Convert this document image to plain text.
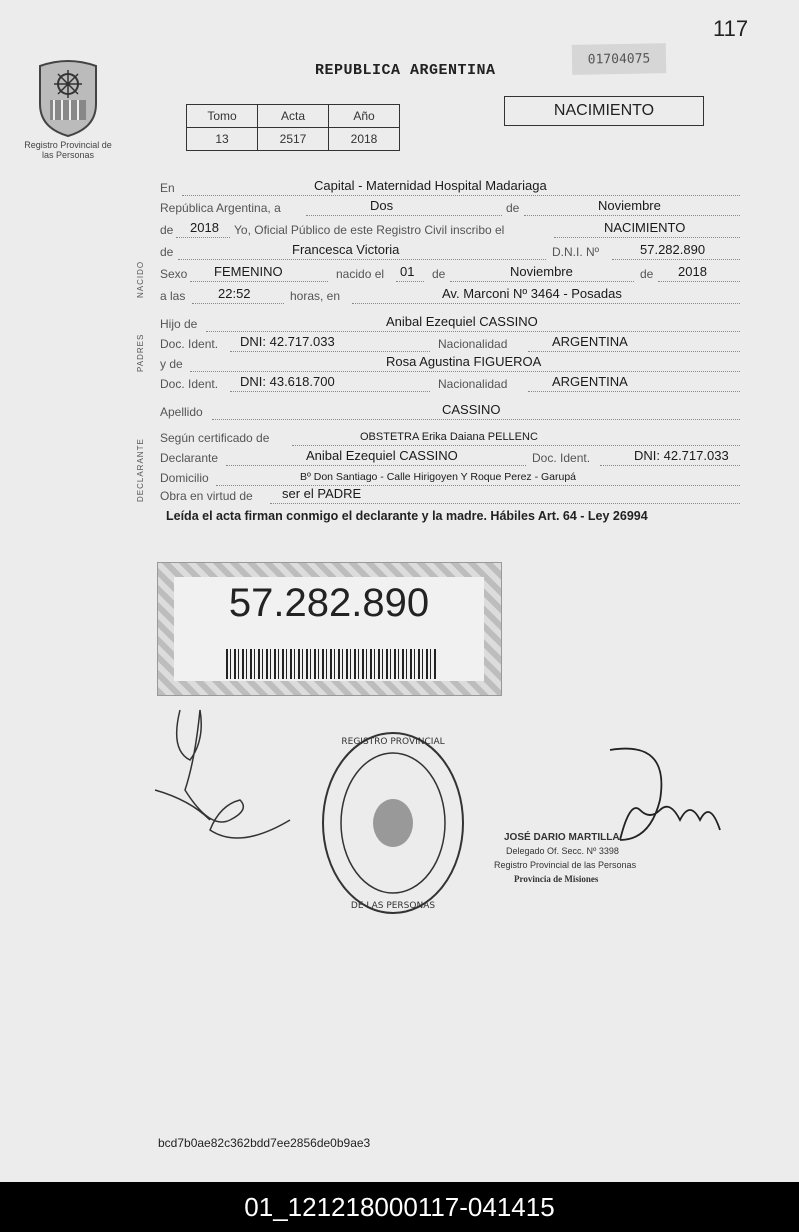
117
Registro Provincial de las Personas
REPUBLICA ARGENTINA
01704075
Tomo	Acta	Año
13	2517	2018
NACIMIENTO
En	Capital - Maternidad Hospital Madariaga
República Argentina, a	Dos	de	Noviembre
de 2018 Yo, Oficial Público de este Registro Civil inscribo el	NACIMIENTO
de	Francesca Victoria	D.N.I. Nº	57.282.890
Sexo FEMENINO	nacido el 01 de	Noviembre	de 2018
a las	22:52	horas, en	Av. Marconi Nº 3464 - Posadas
Hijo de	Anibal Ezequiel CASSINO
Doc. Ident. DNI: 42.717.033	Nacionalidad	ARGENTINA
y de	Rosa Agustina FIGUEROA
Doc. Ident. DNI: 43.618.700	Nacionalidad	ARGENTINA
Apellido	CASSINO
Según certificado de	OBSTETRA Erika Daiana PELLENC
Declarante	Anibal Ezequiel CASSINO	Doc. Ident.	DNI: 42.717.033
Domicilio	Bº Don Santiago - Calle Hirigoyen Y Roque Perez - Garupá
Obra en virtud de ser el PADRE
NACIDO
PADRES
DECLARANTE
Leída el acta firman conmigo el declarante y la madre. Hábiles Art. 64 - Ley 26994
57.282.890
REGISTRO PROVINCIAL
DE LAS PERSONAS
JOSÉ DARIO MARTILLA
Delegado Of. Secc. Nº 3398
Registro Provincial de las Personas
Provincia de Misiones
bcd7b0ae82c362bdd7ee2856de0b9ae3
01_121218000117-041415
